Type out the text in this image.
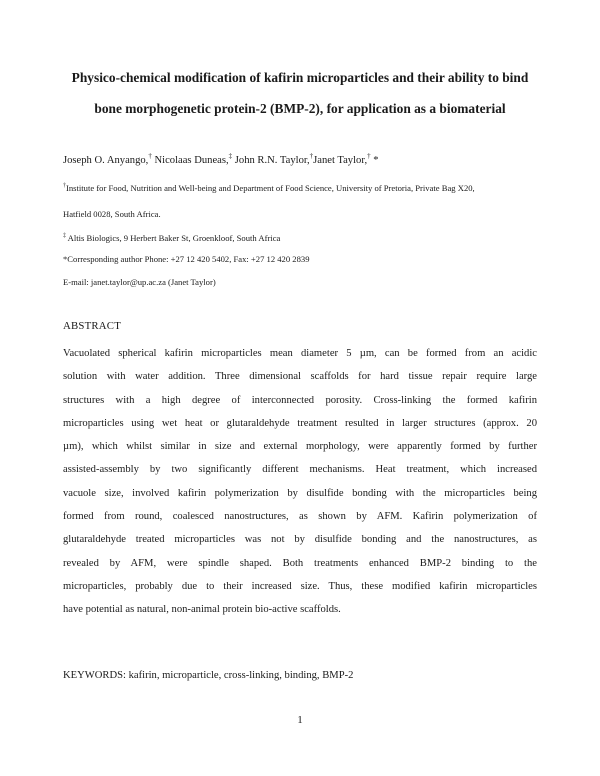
Physico-chemical modification of kafirin microparticles and their ability to bind
bone morphogenetic protein-2 (BMP-2), for application as a biomaterial
Joseph O. Anyango,† Nicolaas Duneas,‡ John R.N. Taylor,†Janet Taylor,† *
†Institute for Food, Nutrition and Well-being and Department of Food Science, University of Pretoria, Private Bag X20,
Hatfield 0028, South Africa.
‡ Altis Biologics, 9 Herbert Baker St, Groenkloof, South Africa
*Corresponding author Phone: +27 12 420 5402, Fax: +27 12 420 2839
E-mail: janet.taylor@up.ac.za (Janet Taylor)
ABSTRACT
Vacuolated spherical kafirin microparticles mean diameter 5 µm, can be formed from an acidic
solution with water addition. Three dimensional scaffolds for hard tissue repair require large
structures with a high degree of interconnected porosity. Cross-linking the formed kafirin
microparticles using wet heat or glutaraldehyde treatment resulted in larger structures (approx. 20
µm), which whilst similar in size and external morphology, were apparently formed by further
assisted-assembly by two significantly different mechanisms. Heat treatment, which increased
vacuole size, involved kafirin polymerization by disulfide bonding with the microparticles being
formed from round, coalesced nanostructures, as shown by AFM. Kafirin polymerization of
glutaraldehyde treated microparticles was not by disulfide bonding and the nanostructures, as
revealed by AFM, were spindle shaped. Both treatments enhanced BMP-2 binding to the
microparticles, probably due to their increased size. Thus, these modified kafirin microparticles
have potential as natural, non-animal protein bio-active scaffolds.
KEYWORDS: kafirin, microparticle, cross-linking, binding, BMP-2
1
